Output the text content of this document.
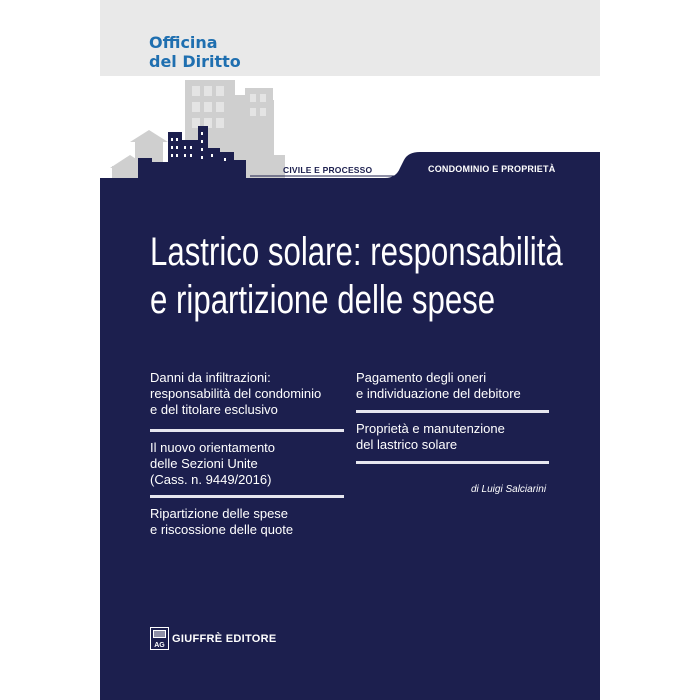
Officina
del Diritto
CIVILE E PROCESSO	CONDOMINIO E PROPRIETÀ
Lastrico solare: responsabilità
e ripartizione delle spese
Danni da infiltrazioni:
responsabilità del condominio
e del titolare esclusivo
Il nuovo orientamento
delle Sezioni Unite
(Cass. n. 9449/2016)
Ripartizione delle spese
e riscossione delle quote
Pagamento degli oneri
e individuazione del debitore
Proprietà e manutenzione
del lastrico solare
di Luigi Salciarini
AG
GIUFFRÈ EDITORE
